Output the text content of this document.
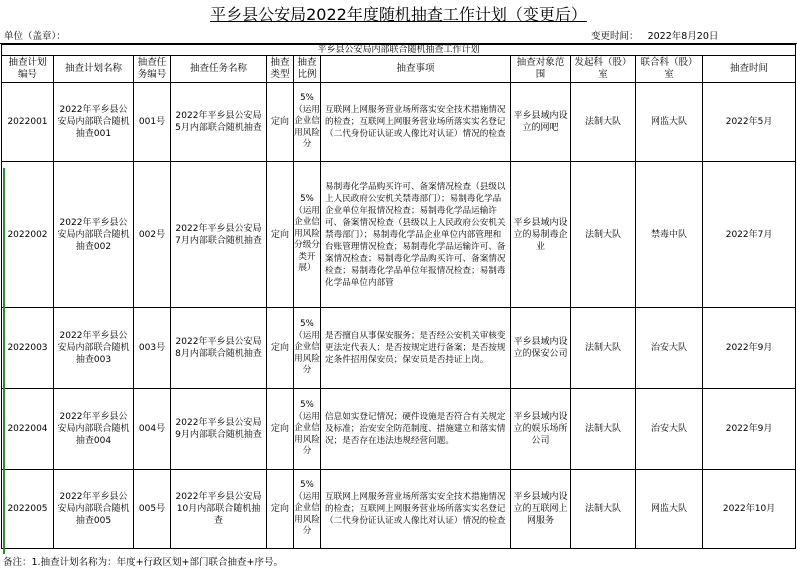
平乡县公安局2022年度随机抽查工作计划（变更后）
单位（盖章）：	变更时间： 2022年8月20日
平乡县公安局内部联合随机抽查工作计划										
抽查计划编号	抽查计划名称	抽查任务编号	抽查任务名称	抽查类型	抽查比例	抽查事项	抽查对象范围	发起科（股）室	联合科（股）室	抽查时间
2022001	2022年平乡县公安局内部联合随机抽查001	001号	2022年平乡县公安局5月内部联合随机抽查	定向	5%（运用企业信用风险分	互联网上网服务营业场所落实安全技术措施情况的检查；互联网上网服务营业场所落实实名登记（二代身份证认证或人像比对认证）情况的检查	平乡县域内设立的网吧	法制大队	网监大队	2022年5月
2022002	2022年平乡县公安局内部联合随机抽查002	002号	2022年平乡县公安局7月内部联合随机抽查	定向	5%（运用企业信用风险分级分类开展）	易制毒化学品购买许可、备案情况检查（县级以上人民政府公安机关禁毒部门）；易制毒化学品企业单位年报情况检查；易制毒化学品运输许可、备案情况检查（县级以上人民政府公安机关禁毒部门）；易制毒化学品企业单位内部管理和台账管理情况检查；易制毒化学品运输许可、备案情况检查；易制毒化学品购买许可、备案情况检查；易制毒化学品单位年报情况检查；易制毒化学品单位内部管	平乡县域内设立的易制毒企业	法制大队	禁毒中队	2022年7月
2022003	2022年平乡县公安局内部联合随机抽查003	003号	2022年平乡县公安局8月内部联合随机抽查	定向	5%（运用企业信用风险分	是否擅自从事保安服务；是否经公安机关审核变更法定代表人；是否按规定进行备案；是否按规定条件招用保安员；保安员是否持证上岗。	平乡县域内设立的保安公司	法制大队	治安大队	2022年9月
2022004	2022年平乡县公安局内部联合随机抽查004	004号	2022年平乡县公安局9月内部联合随机抽查	定向	5%（运用企业信用风险分	信息如实登记情况；硬件设施是否符合有关规定及标准；治安安全防范制度、措施建立和落实情况；是否存在违法违规经营问题。	平乡县域内设立的娱乐场所公司	法制大队	治安大队	2022年9月
2022005	2022年平乡县公安局内部联合随机抽查005	005号	2022年平乡县公安局10月内部联合随机抽查	定向	5%（运用企业信用风险分	互联网上网服务营业场所落实安全技术措施情况的检查；互联网上网服务营业场所落实实名登记（二代身份证认证或人像比对认证）情况的检查	平乡县域内设立的互联网上网服务	法制大队	网监大队	2022年10月
备注：1.抽查计划名称为：年度+行政区划+部门联合抽查+序号。
